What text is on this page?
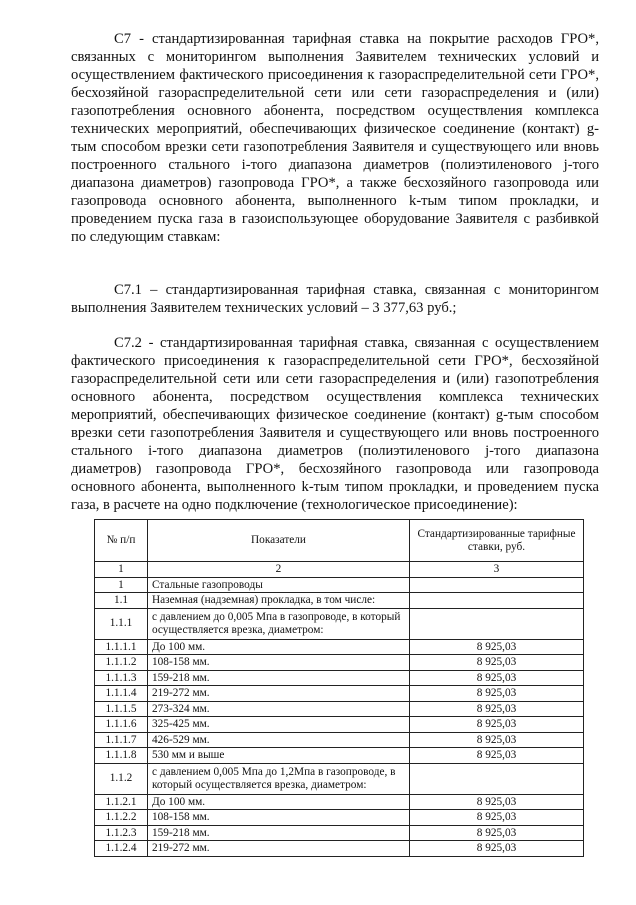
С7 - стандартизированная тарифная ставка на покрытие расходов ГРО*, связанных с мониторингом выполнения Заявителем технических условий и осуществлением фактического присоединения к газораспределительной сети ГРО*, бесхозяйной газораспределительной сети или сети газораспределения и (или) газопотребления основного абонента, посредством осуществления комплекса технических мероприятий, обеспечивающих физическое соединение (контакт) g-тым способом врезки сети газопотребления Заявителя и существующего или вновь построенного стального i-того диапазона диаметров (полиэтиленового j-того диапазона диаметров) газопровода ГРО*, а также бесхозяйного газопровода или газопровода основного абонента, выполненного k-тым типом прокладки, и проведением пуска газа в газоиспользующее оборудование Заявителя с разбивкой по следующим ставкам:

С7.1 – стандартизированная тарифная ставка, связанная с мониторингом выполнения Заявителем технических условий – 3 377,63 руб.;

С7.2 - стандартизированная тарифная ставка, связанная с осуществлением фактического присоединения к газораспределительной сети ГРО*, бесхозяйной газораспределительной сети или сети газораспределения и (или) газопотребления основного абонента, посредством осуществления комплекса технических мероприятий, обеспечивающих физическое соединение (контакт) g-тым способом врезки сети газопотребления Заявителя и существующего или вновь построенного стального i-того диапазона диаметров (полиэтиленового j-того диапазона диаметров) газопровода ГРО*, бесхозяйного газопровода или газопровода основного абонента, выполненного k-тым типом прокладки, и проведением пуска газа, в расчете на одно подключение (технологическое присоединение):

№ п/п	Показатели	Стандартизированные тарифные ставки, руб.
1	2	3
1	Стальные газопроводы	
1.1	Наземная (надземная) прокладка, в том числе:	
1.1.1	с давлением до 0,005 Мпа в газопроводе, в который осуществляется врезка, диаметром:	
1.1.1.1	До 100 мм.	8 925,03
1.1.1.2	108-158 мм.	8 925,03
1.1.1.3	159-218 мм.	8 925,03
1.1.1.4	219-272 мм.	8 925,03
1.1.1.5	273-324 мм.	8 925,03
1.1.1.6	325-425 мм.	8 925,03
1.1.1.7	426-529 мм.	8 925,03
1.1.1.8	530 мм и выше	8 925,03
1.1.2	с давлением 0,005 Мпа до 1,2Мпа в газопроводе, в который осуществляется врезка, диаметром:	
1.1.2.1	До 100 мм.	8 925,03
1.1.2.2	108-158 мм.	8 925,03
1.1.2.3	159-218 мм.	8 925,03
1.1.2.4	219-272 мм.	8 925,03
